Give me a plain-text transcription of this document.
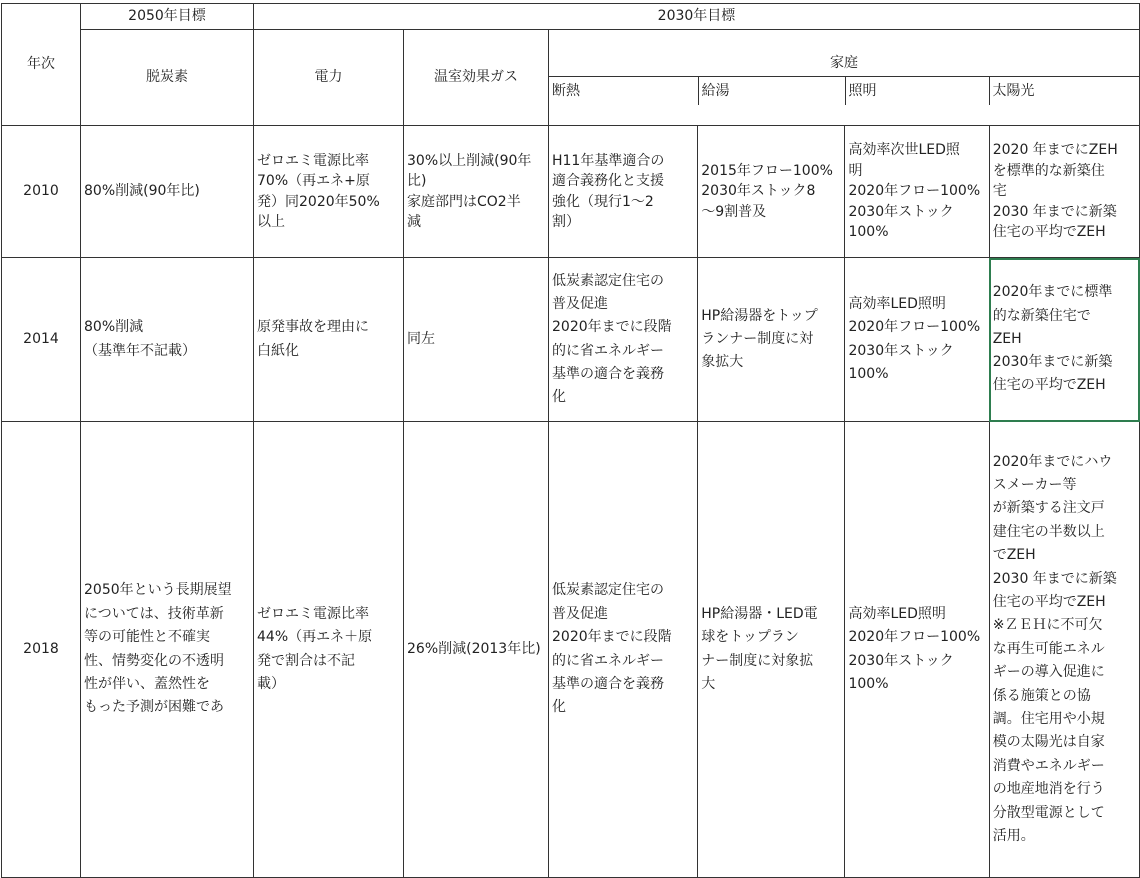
年次	2050年目標	2030年目標
脱炭素	電力	温室効果ガス	

家庭
断熱	給湯	照明	太陽光

2010	80%削減(90年比)	ゼロエミ電源比率
70%（再エネ+原
発）同2020年50%
以上	30%以上削減(90年
比)
家庭部門はCO2半
減	H11年基準適合の
適合義務化と支援
強化（現行1〜2
割）	2015年フロー100%
2030年ストック8
〜9割普及	高効率次世LED照
明
2020年フロー100%
2030年ストック
100%	2020 年までにZEH
を標準的な新築住
宅
2030 年までに新築
住宅の平均でZEH
2014	80%削減
（基準年不記載）	原発事故を理由に
白紙化	同左	低炭素認定住宅の
普及促進
2020年までに段階
的に省エネルギー
基準の適合を義務
化	HP給湯器をトップ
ランナー制度に対
象拡大	高効率LED照明
2020年フロー100%
2030年ストック
100%	2020年までに標準
的な新築住宅で
ZEH
2030年までに新築
住宅の平均でZEH
2018	2050年という長期展望
については、技術革新
等の可能性と不確実
性、情勢変化の不透明
性が伴い、蓋然性を
もった予測が困難であ	ゼロエミ電源比率
44%（再エネ＋原
発で割合は不記
載）	26%削減(2013年比)	低炭素認定住宅の
普及促進
2020年までに段階
的に省エネルギー
基準の適合を義務
化	HP給湯器・LED電
球をトップラン
ナー制度に対象拡
大	高効率LED照明
2020年フロー100%
2030年ストック
100%	2020年までにハウ
スメーカー等
が新築する注文戸
建住宅の半数以上
でZEH
2030 年までに新築
住宅の平均でZEH
※ＺＥＨに不可欠
な再生可能エネル
ギーの導入促進に
係る施策との協
調。住宅用や小規
模の太陽光は自家
消費やエネルギー
の地産地消を行う
分散型電源として
活用。
